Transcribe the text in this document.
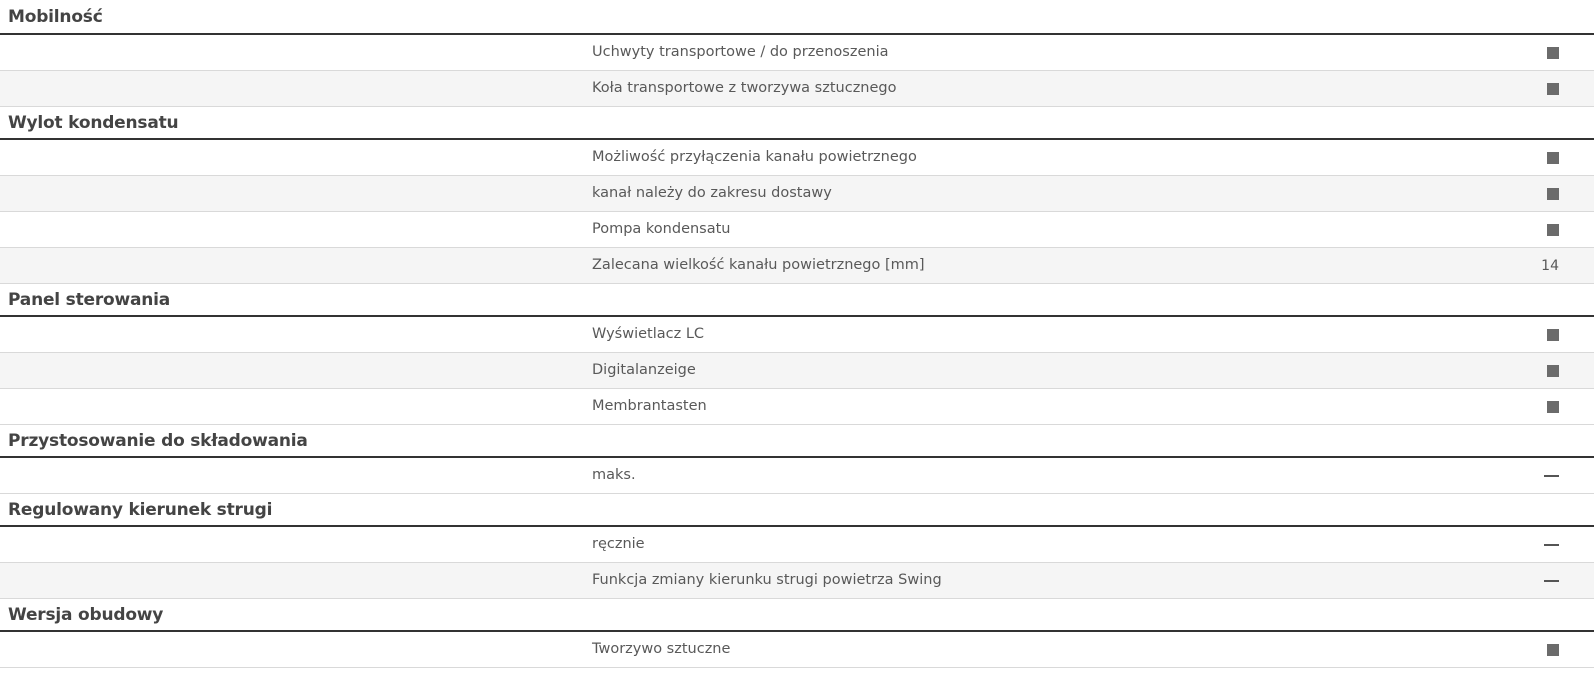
Mobilność
Uchwyty transportowe / do przenoszenia
Koła transportowe z tworzywa sztucznego
Wylot kondensatu
Możliwość przyłączenia kanału powietrznego
kanał należy do zakresu dostawy
Pompa kondensatu
Zalecana wielkość kanału powietrznego [mm]	14
Panel sterowania
Wyświetlacz LC
Digitalanzeige
Membrantasten
Przystosowanie do składowania
maks.
Regulowany kierunek strugi
ręcznie
Funkcja zmiany kierunku strugi powietrza Swing
Wersja obudowy
Tworzywo sztuczne
